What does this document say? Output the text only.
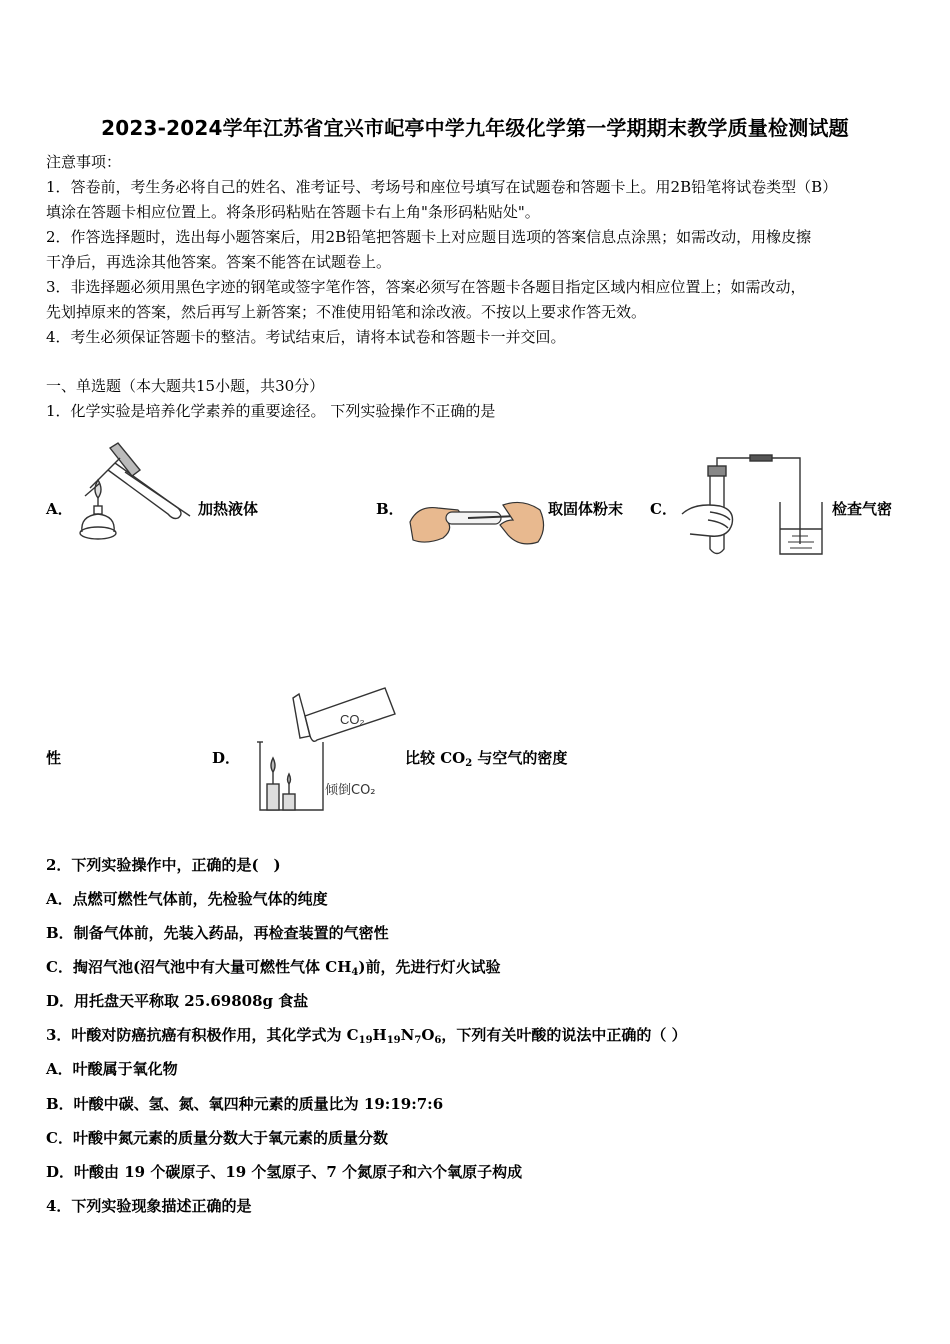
2023-2024学年江苏省宜兴市屺亭中学九年级化学第一学期期末教学质量检测试题
注意事项：
1．答卷前，考生务必将自己的姓名、准考证号、考场号和座位号填写在试题卷和答题卡上。用2B铅笔将试卷类型（B）
填涂在答题卡相应位置上。将条形码粘贴在答题卡右上角"条形码粘贴处"。
2．作答选择题时，选出每小题答案后，用2B铅笔把答题卡上对应题目选项的答案信息点涂黑；如需改动，用橡皮擦
干净后，再选涂其他答案。答案不能答在试题卷上。
3．非选择题必须用黑色字迹的钢笔或签字笔作答，答案必须写在答题卡各题目指定区域内相应位置上；如需改动，
先划掉原来的答案，然后再写上新答案；不准使用铅笔和涂改液。不按以上要求作答无效。
4．考生必须保证答题卡的整洁。考试结束后，请将本试卷和答题卡一并交回。
一、单选题（本大题共15小题，共30分）
1．化学实验是培养化学素养的重要途径。 下列实验操作不正确的是
A．	加热液体	B．	取固体粉末 C．	检查气密
性	D．
CO₂
倾倒CO₂
比较 $CO_2$ 与空气的密度
2．下列实验操作中，正确的是(　)
A．点燃可燃性气体前，先检验气体的纯度
B．制备气体前，先装入药品，再检查装置的气密性
C．掏沼气池(沼气池中有大量可燃性气体 $CH_4$)前，先进行灯火试验
D．用托盘天平称取 25.69808g 食盐
3．叶酸对防癌抗癌有积极作用，其化学式为 $C_{19}H_{19}N_7O_6$，下列有关叶酸的说法中正确的（ ）
A．叶酸属于氧化物
B．叶酸中碳、氢、氮、氧四种元素的质量比为 19:19:7:6
C．叶酸中氮元素的质量分数大于氧元素的质量分数
D．叶酸由 19 个碳原子、19 个氢原子、7 个氮原子和六个氧原子构成
4．下列实验现象描述正确的是
